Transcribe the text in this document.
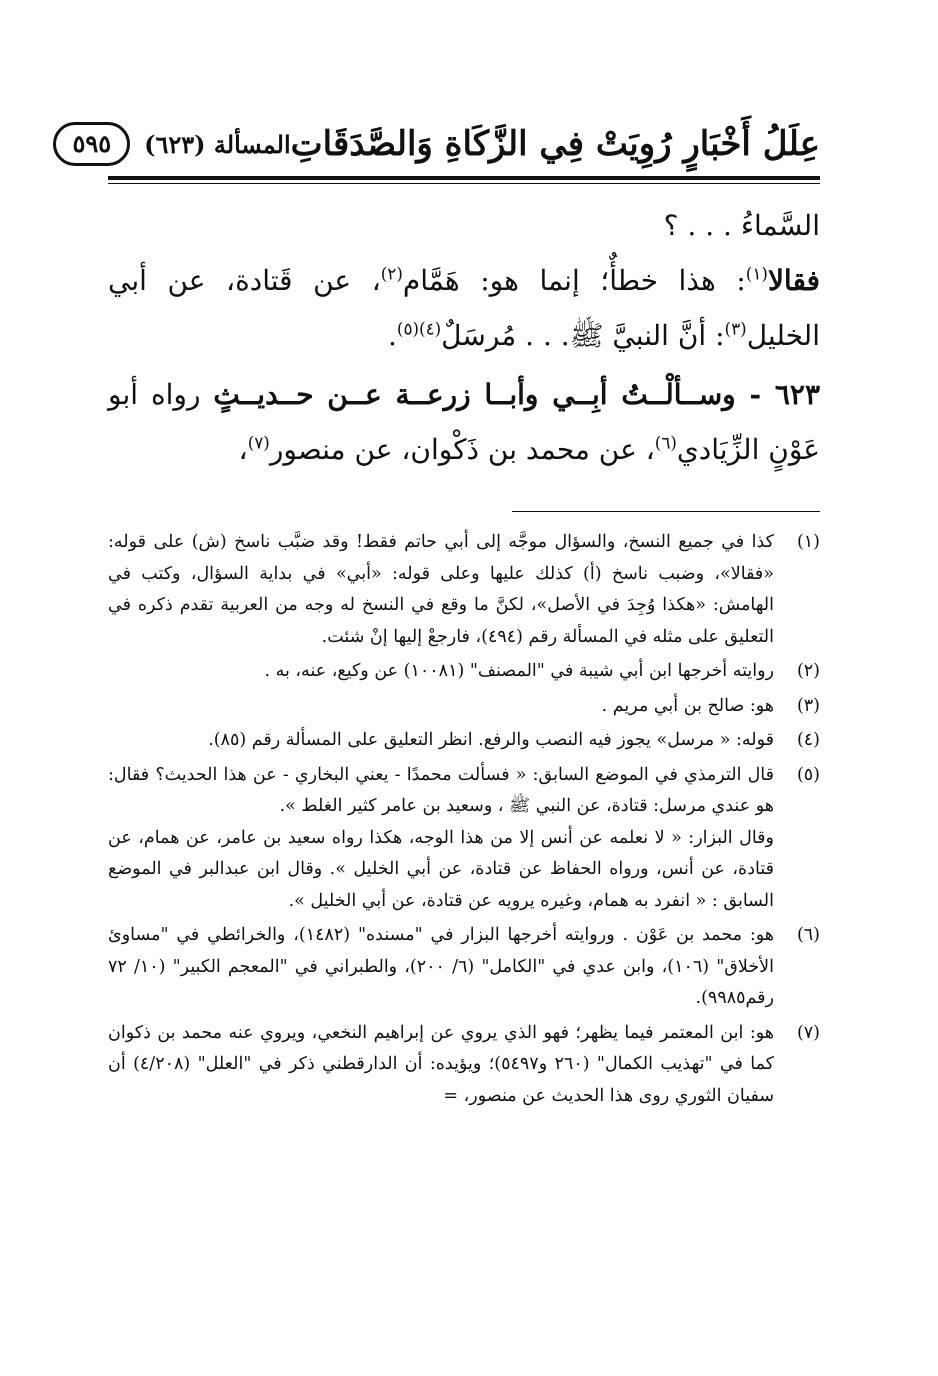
عِلَلُ أَخْبَارٍ رُوِيَتْ فِي الزَّكَاةِ وَالصَّدَقَاتِ
المسألة (٦٢٣)
٥٩٥

السَّماءُ . . . ؟

فقالا$^{(١)}$: هذا خطأٌ؛ إنما هو: هَمَّام$^{(٢)}$، عن قَتادة، عن أبي الخليل$^{(٣)}$: أنَّ النبيَّ ﷺ. . . مُرسَلٌ$^{(٤)(٥)}$.

٦٢٣ - وســألْــتُ أبِــي وأبــا زرعــة عــن حــديــثٍ رواه أبو عَوْنٍ الزِّيَادي$^{(٦)}$، عن محمد بن ذَكْوان، عن منصور$^{(٧)}$،

(١)

كذا في جميع النسخ، والسؤال موجَّه إلى أبي حاتم فقط! وقد ضبَّب ناسخ (ش) على قوله: «فقالا»، وضبب ناسخ (أ) كذلك عليها وعلى قوله: «أبي» في بداية السؤال، وكتب في الهامش: «هكذا وُجِدَ في الأصل»، لكنَّ ما وقع في النسخ له وجه من العربية تقدم ذكره في التعليق على مثله في المسألة رقم (٤٩٤)، فارجعْ إليها إنْ شئت.

(٢)

روايته أخرجها ابن أبي شيبة في "المصنف" (١٠٠٨١) عن وكيع، عنه، به .

(٣)

هو: صالح بن أبي مريم .

(٤)

قوله: « مرسل» يجوز فيه النصب والرفع. انظر التعليق على المسألة رقم (٨٥).

(٥)

قال الترمذي في الموضع السابق: « فسألت محمدًا - يعني البخاري - عن هذا الحديث؟ فقال: هو عندي مرسل: قتادة، عن النبي ﷺ ، وسعيد بن عامر كثير الغلط ».

وقال البزار: « لا نعلمه عن أنس إلا من هذا الوجه، هكذا رواه سعيد بن عامر، عن همام، عن قتادة، عن أنس، ورواه الحفاظ عن قتادة، عن أبي الخليل ». وقال ابن عبدالبر في الموضع السابق : « انفرد به همام، وغيره يرويه عن قتادة، عن أبي الخليل ».

(٦)

هو: محمد بن عَوْن . وروايته أخرجها البزار في "مسنده" (١٤٨٢)، والخرائطي في "مساوئ الأخلاق" (١٠٦)، وابن عدي في "الكامل" (٦/ ٢٠٠)، والطبراني في "المعجم الكبير" (١٠/ ٧٢ رقم٩٩٨٥).

(٧)

هو: ابن المعتمر فيما يظهر؛ فهو الذي يروي عن إبراهيم النخعي، ويروي عنه محمد بن ذكوان كما في "تهذيب الكمال" (٢٦٠ و٥٤٩٧)؛ ويؤيده: أن الدارقطني ذكر في "العلل" (٤/٢٠٨) أن سفيان الثوري روى هذا الحديث عن منصور، =
